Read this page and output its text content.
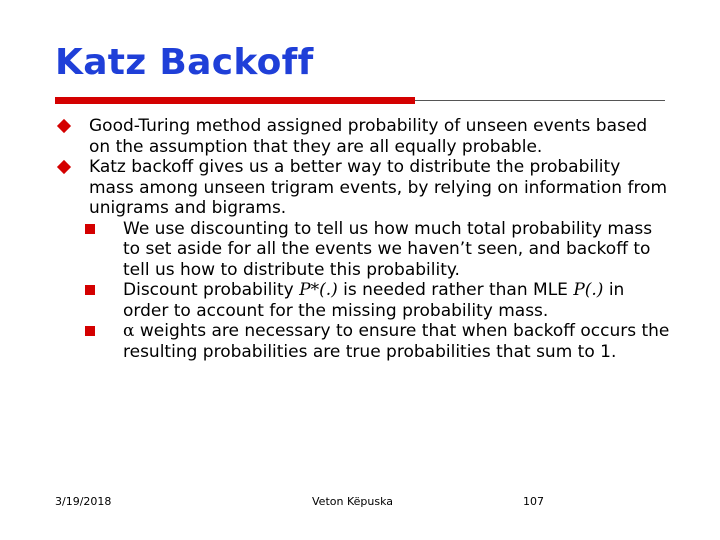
Katz Backoff
Good-Turing method assigned probability of unseen events based on the assumption that they are all equally probable.
Katz backoff gives us a better way to distribute the probability mass among unseen trigram events, by relying on information from unigrams and bigrams.
We use discounting to tell us how much total probability mass to set aside for all the events we haven’t seen, and backoff to tell us how to distribute this probability.
Discount probability P*(.) is needed rather than MLE P(.) in order to account for the missing probability mass.
α weights are necessary to ensure that when backoff occurs the resulting probabilities are true probabilities that sum to 1.
3/19/2018	Veton Këpuska	107
